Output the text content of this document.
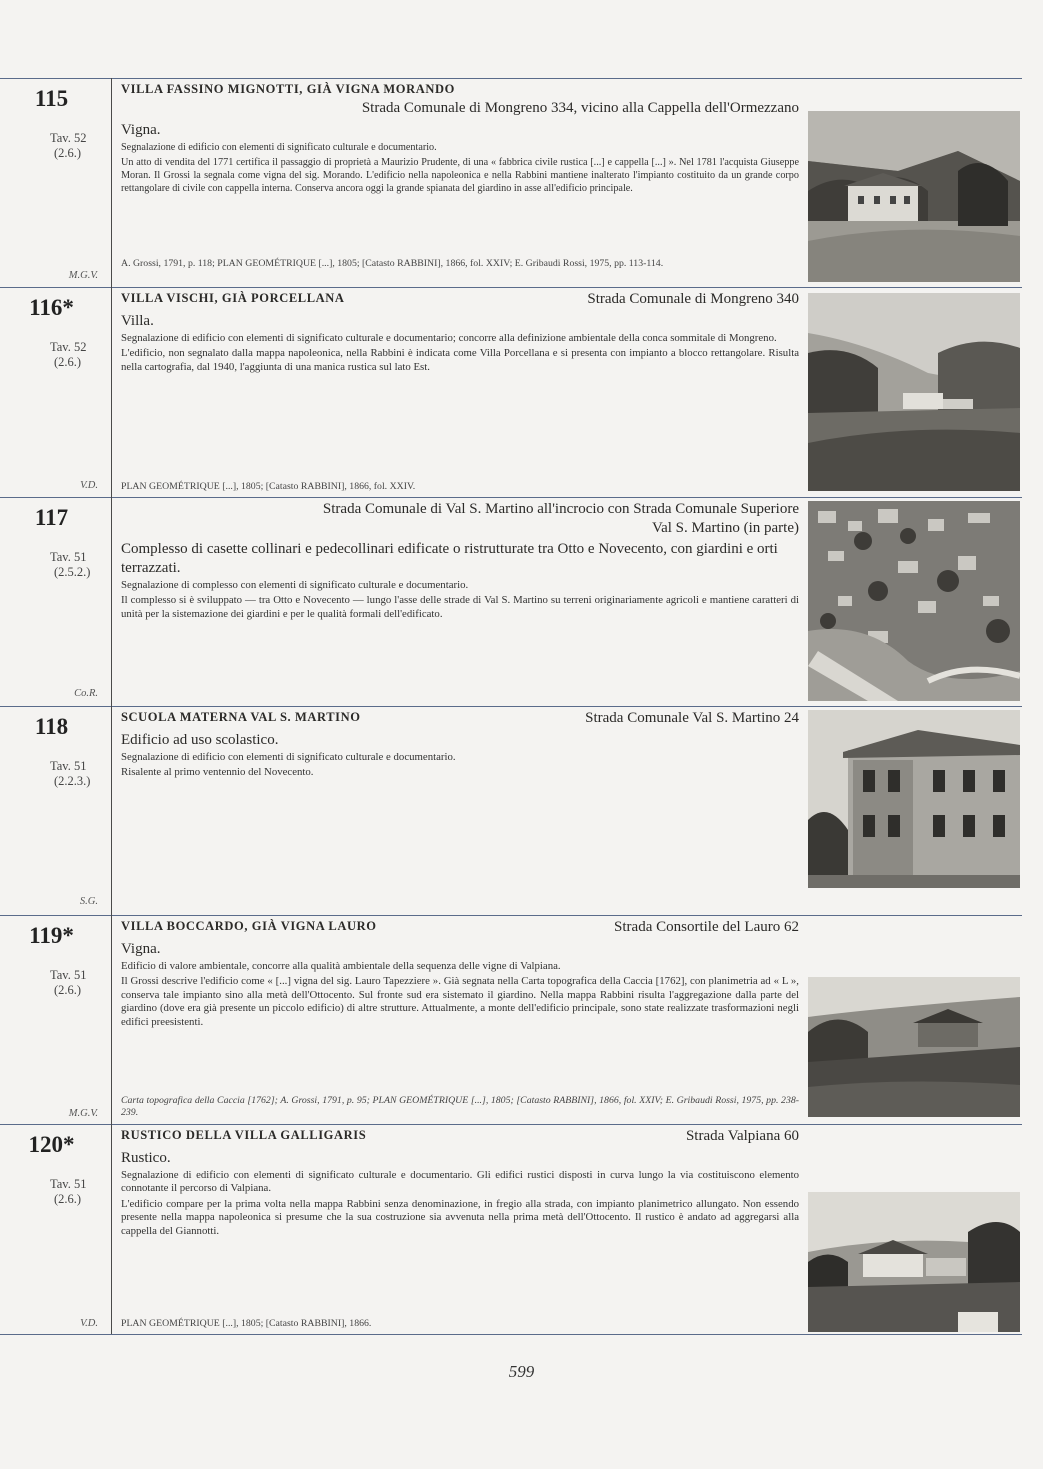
115
Tav. 52
(2.6.)
M.G.V.
VILLA FASSINO MIGNOTTI, GIÀ VIGNA MORANDO
Strada Comunale di Mongreno 334, vicino alla Cappella dell'Ormezzano
Vigna.
Segnalazione di edificio con elementi di significato culturale e documentario.
Un atto di vendita del 1771 certifica il passaggio di proprietà a Maurizio Prudente, di una « fabbrica civile rustica [...] e cappella [...] ». Nel 1781 l'acquista Giuseppe Moran. Il Grossi la segnala come vigna del sig. Morando. L'edificio nella napoleonica e nella Rabbini mantiene inalterato l'impianto costituito da un grande corpo rettangolare di civile con cappella interna. Conserva ancora oggi la grande spianata del giardino in asse all'edificio principale.
A. Grossi, 1791, p. 118; PLAN GEOMÉTRIQUE [...], 1805; [Catasto RABBINI], 1866, fol. XXIV; E. Gribaudi Rossi, 1975, pp. 113-114.
116*
Tav. 52
(2.6.)
V.D.
VILLA VISCHI, GIÀ PORCELLANA	Strada Comunale di Mongreno 340
Villa.
Segnalazione di edificio con elementi di significato culturale e documentario; concorre alla definizione ambientale della conca sommitale di Mongreno.
L'edificio, non segnalato dalla mappa napoleonica, nella Rabbini è indicata come Villa Porcellana e si presenta con impianto a blocco rettangolare. Risulta nella cartografia, dal 1940, l'aggiunta di una manica rustica sul lato Est.
PLAN GEOMÉTRIQUE [...], 1805; [Catasto RABBINI], 1866, fol. XXIV.
117
Tav. 51
(2.5.2.)
Co.R.
Strada Comunale di Val S. Martino all'incrocio con Strada Comunale Superiore
Val S. Martino (in parte)
Complesso di casette collinari e pedecollinari edificate o ristrutturate tra Otto e Novecento, con giardini e orti terrazzati.
Segnalazione di complesso con elementi di significato culturale e documentario.
Il complesso si è sviluppato — tra Otto e Novecento — lungo l'asse delle strade di Val S. Martino su terreni originariamente agricoli e mantiene caratteri di unità per la sistemazione dei giardini e per le qualità formali dell'edificato.
118
Tav. 51
(2.2.3.)
S.G.
SCUOLA MATERNA VAL S. MARTINO	Strada Comunale Val S. Martino 24
Edificio ad uso scolastico.
Segnalazione di edificio con elementi di significato culturale e documentario.
Risalente al primo ventennio del Novecento.
119*
Tav. 51
(2.6.)
M.G.V.
VILLA BOCCARDO, GIÀ VIGNA LAURO	Strada Consortile del Lauro 62
Vigna.
Edificio di valore ambientale, concorre alla qualità ambientale della sequenza delle vigne di Valpiana.
Il Grossi descrive l'edificio come « [...] vigna del sig. Lauro Tapezziere ». Già segnata nella Carta topografica della Caccia [1762], con planimetria ad « L », conserva tale impianto sino alla metà dell'Ottocento. Sul fronte sud era sistemato il giardino. Nella mappa Rabbini risulta l'aggregazione dalla parte del giardino (dove era già presente un piccolo edificio) di altre strutture. Attualmente, a monte dell'edificio principale, sono state realizzate trasformazioni negli edifici preesistenti.
Carta topografica della Caccia [1762]; A. Grossi, 1791, p. 95; PLAN GEOMÉTRIQUE [...], 1805; [Catasto RABBINI], 1866, fol. XXIV; E. Gribaudi Rossi, 1975, pp. 238-239.
120*
Tav. 51
(2.6.)
V.D.
RUSTICO DELLA VILLA GALLIGARIS	Strada Valpiana 60
Rustico.
Segnalazione di edificio con elementi di significato culturale e documentario. Gli edifici rustici disposti in curva lungo la via costituiscono elemento connotante il percorso di Valpiana.
L'edificio compare per la prima volta nella mappa Rabbini senza denominazione, in fregio alla strada, con impianto planimetrico allungato. Non essendo presente nella mappa napoleonica si presume che la sua costruzione sia avvenuta nella prima metà dell'Ottocento. Il rustico è andato ad aggregarsi alla cappella del Giannotti.
PLAN GEOMÉTRIQUE [...], 1805; [Catasto RABBINI], 1866.
599
